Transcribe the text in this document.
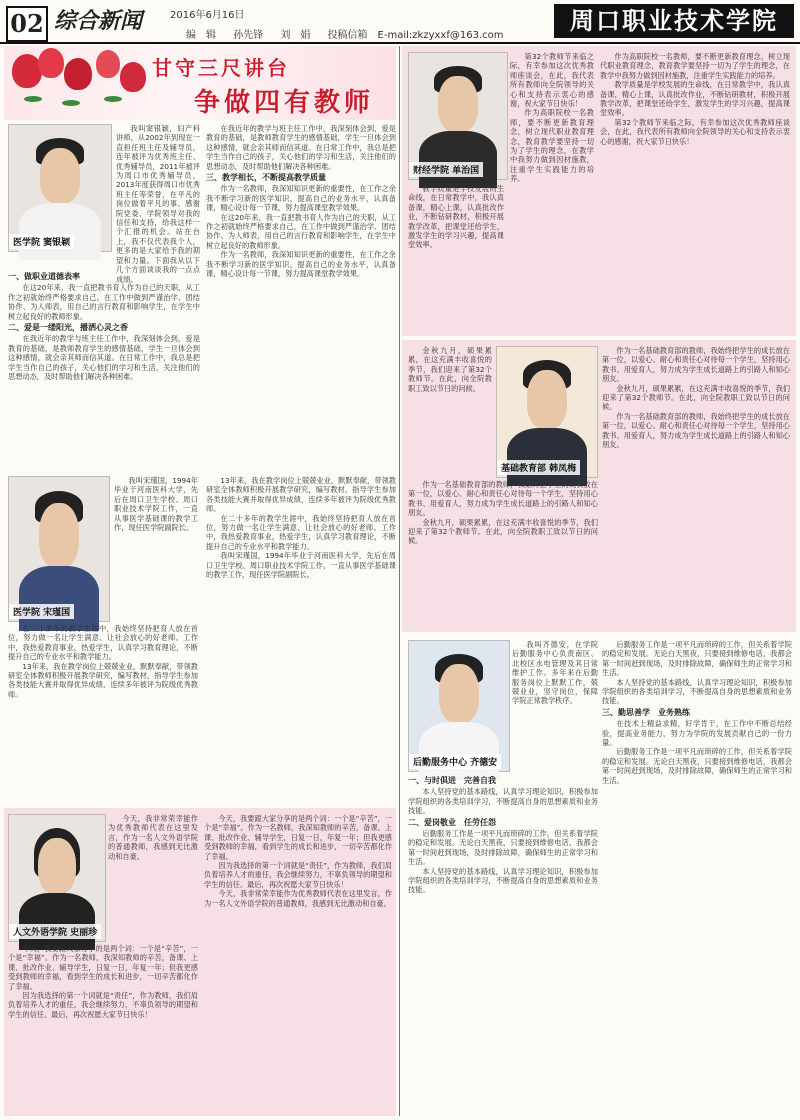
02 综合新闻	2016年6月16日
编　辑 孙先锋 刘　娟 投稿信箱　E-mail:zkzyxxf@163.com
周口职业技术学院
甘守三尺讲台
争做四有教师
医学院 窦银颖

我叫窦银颖，妇产科讲师，从2002年到现在一直担任班主任及辅导员，连年被评为优秀班主任、优秀辅导员，2011年被评为周口市优秀辅导员，2013年度获得周口市优秀班主任等荣誉，在平凡的岗位做着平凡的事。感谢院党委、学院领导对我的信任和支持，给我这样一个汇报的机会。站在台上，我不仅代表我个人，更多的是大家给予我的期望和力量。下面我从以下几个方面谈谈我的一点点成绩。

一、做职业道德表率

在这20年来，我一直把教书育人作为自己的天职，从工作之初就始终严格要求自己，在工作中做到严谨治学、团结协作、为人师表，用自己的言行教育和影响学生，在学生中树立起良好的教师形象。

二、爱是一缕阳光，播洒心灵之香

在我近年的教学与班主任工作中，我深刻体会到，爱是教育的基础，是教师教育学生的感情基础，学生一旦体会到这种感情，就会亲其师而信其道。在日常工作中，我总是把学生当作自己的孩子，关心他们的学习和生活，关注他们的思想动态，及时帮助他们解决各种困难。

在我近年的教学与班主任工作中，我深刻体会到，爱是教育的基础，是教师教育学生的感情基础，学生一旦体会到这种感情，就会亲其师而信其道。在日常工作中，我总是把学生当作自己的孩子，关心他们的学习和生活，关注他们的思想动态，及时帮助他们解决各种困难。

三、教学相长，不断提高教学质量

作为一名教师，我深知知识更新的重要性，在工作之余我不断学习新的医学知识，提高自己的业务水平，认真备课，精心设计每一节课，努力提高课堂教学效果。

在这20年来，我一直把教书育人作为自己的天职，从工作之初就始终严格要求自己，在工作中做到严谨治学、团结协作、为人师表，用自己的言行教育和影响学生，在学生中树立起良好的教师形象。

作为一名教师，我深知知识更新的重要性，在工作之余我不断学习新的医学知识，提高自己的业务水平，认真备课，精心设计每一节课，努力提高课堂教学效果。

财经学院 单治国

第32个教师节来临之际，有幸参加这次优秀教师座谈会，在此，我代表所有教师向全院领导的关心和支持表示衷心的感谢，祝大家节日快乐！

作为高职院校一名教师，要不断更新教育理念，树立现代职业教育理念，教育教学要坚持一切为了学生的理念，在教学中我努力做到因材施教，注重学生实践能力的培养。

教学质量是学校发展的生命线，在日常教学中，我认真备课，精心上课，认真批改作业，不断钻研教材，积极开展教学改革，把课堂还给学生，激发学生的学习兴趣，提高课堂效率。

作为高职院校一名教师，要不断更新教育理念，树立现代职业教育理念，教育教学要坚持一切为了学生的理念，在教学中我努力做到因材施教，注重学生实践能力的培养。

教学质量是学校发展的生命线，在日常教学中，我认真备课，精心上课，认真批改作业，不断钻研教材，积极开展教学改革，把课堂还给学生，激发学生的学习兴趣，提高课堂效率。

第32个教师节来临之际，有幸参加这次优秀教师座谈会，在此，我代表所有教师向全院领导的关心和支持表示衷心的感谢，祝大家节日快乐！

医学院 宋瑾国

我叫宋瑾国，1994年毕业于河南医科大学，先后在周口卫生学校、周口职业技术学院工作，一直从事医学基础课的教学工作，现任医学院副院长。

在二十多年的教学生涯中，我始终坚持把育人放在首位，努力做一名让学生满意、让社会放心的好老师。工作中，我热爱教育事业，热爱学生，认真学习教育理论，不断提升自己的专业水平和教学能力。

13年来，我在教学岗位上兢兢业业，默默奉献，带领教研室全体教师积极开展教学研究，编写教材，指导学生参加各类技能大赛并取得优异成绩，连续多年被评为院级优秀教师。

13年来，我在教学岗位上兢兢业业，默默奉献，带领教研室全体教师积极开展教学研究，编写教材，指导学生参加各类技能大赛并取得优异成绩，连续多年被评为院级优秀教师。

在二十多年的教学生涯中，我始终坚持把育人放在首位，努力做一名让学生满意、让社会放心的好老师。工作中，我热爱教育事业，热爱学生，认真学习教育理论，不断提升自己的专业水平和教学能力。

我叫宋瑾国，1994年毕业于河南医科大学，先后在周口卫生学校、周口职业技术学院工作，一直从事医学基础课的教学工作，现任医学院副院长。

金秋九月，硕果累累，在这充满丰收喜悦的季节，我们迎来了第32个教师节。在此，向全院教职工致以节日的问候。

基础教育部 韩凤梅

作为一名基础教育部的教师，我始终把学生的成长放在第一位，以爱心、耐心和责任心对待每一个学生，坚持用心教书、用爱育人，努力成为学生成长道路上的引路人和知心朋友。

金秋九月，硕果累累，在这充满丰收喜悦的季节，我们迎来了第32个教师节。在此，向全院教职工致以节日的问候。

作为一名基础教育部的教师，我始终把学生的成长放在第一位，以爱心、耐心和责任心对待每一个学生，坚持用心教书、用爱育人，努力成为学生成长道路上的引路人和知心朋友。

金秋九月，硕果累累，在这充满丰收喜悦的季节，我们迎来了第32个教师节。在此，向全院教职工致以节日的问候。

作为一名基础教育部的教师，我始终把学生的成长放在第一位，以爱心、耐心和责任心对待每一个学生，坚持用心教书、用爱育人，努力成为学生成长道路上的引路人和知心朋友。

人文外语学院 史丽珍

今天，我非常荣幸能作为优秀教师代表在这里发言，作为一名人文外语学院的普通教师，我感到无比激动和自豪。

今天，我要跟大家分享的是两个词：一个是“辛苦”，一个是“幸福”。作为一名教师，我深知教师的辛苦，备课、上课、批改作业、辅导学生，日复一日，年复一年；但我更感受到教师的幸福，看到学生的成长和进步，一切辛苦都化作了幸福。

因为我选择的第一个词就是“责任”，作为教师，我们肩负着培养人才的重任，我会继续努力，不辜负领导的期望和学生的信任。最后，再次祝愿大家节日快乐！

今天，我要跟大家分享的是两个词：一个是“辛苦”，一个是“幸福”。作为一名教师，我深知教师的辛苦，备课、上课、批改作业、辅导学生，日复一日，年复一年；但我更感受到教师的幸福，看到学生的成长和进步，一切辛苦都化作了幸福。

因为我选择的第一个词就是“责任”，作为教师，我们肩负着培养人才的重任，我会继续努力，不辜负领导的期望和学生的信任。最后，再次祝愿大家节日快乐！

今天，我非常荣幸能作为优秀教师代表在这里发言，作为一名人文外语学院的普通教师，我感到无比激动和自豪。

后勤服务中心 齐德安

我叫齐德安，在学院后勤服务中心负责南区、北校区水电管理及其日常维护工作。多年来在后勤服务岗位上默默工作，兢兢业业，坚守岗位，保障学院正常教学秩序。

一、与时俱进　完善自我

本人坚持党的基本路线，认真学习理论知识，积极参加学院组织的各类培训学习，不断提高自身的思想素质和业务技能。

二、爱岗敬业　任劳任怨

后勤服务工作是一项平凡而琐碎的工作，但关系着学院的稳定和发展。无论白天黑夜，只要接到维修电话，我都会第一时间赶到现场，及时排除故障，确保师生的正常学习和生活。

本人坚持党的基本路线，认真学习理论知识，积极参加学院组织的各类培训学习，不断提高自身的思想素质和业务技能。

后勤服务工作是一项平凡而琐碎的工作，但关系着学院的稳定和发展。无论白天黑夜，只要接到维修电话，我都会第一时间赶到现场，及时排除故障，确保师生的正常学习和生活。

本人坚持党的基本路线，认真学习理论知识，积极参加学院组织的各类培训学习，不断提高自身的思想素质和业务技能。

三、勤思善学　业务熟练

在技术上精益求精，好学肯干，在工作中不断总结经验，提高业务能力，努力为学院的发展贡献自己的一份力量。

后勤服务工作是一项平凡而琐碎的工作，但关系着学院的稳定和发展。无论白天黑夜，只要接到维修电话，我都会第一时间赶到现场，及时排除故障，确保师生的正常学习和生活。
